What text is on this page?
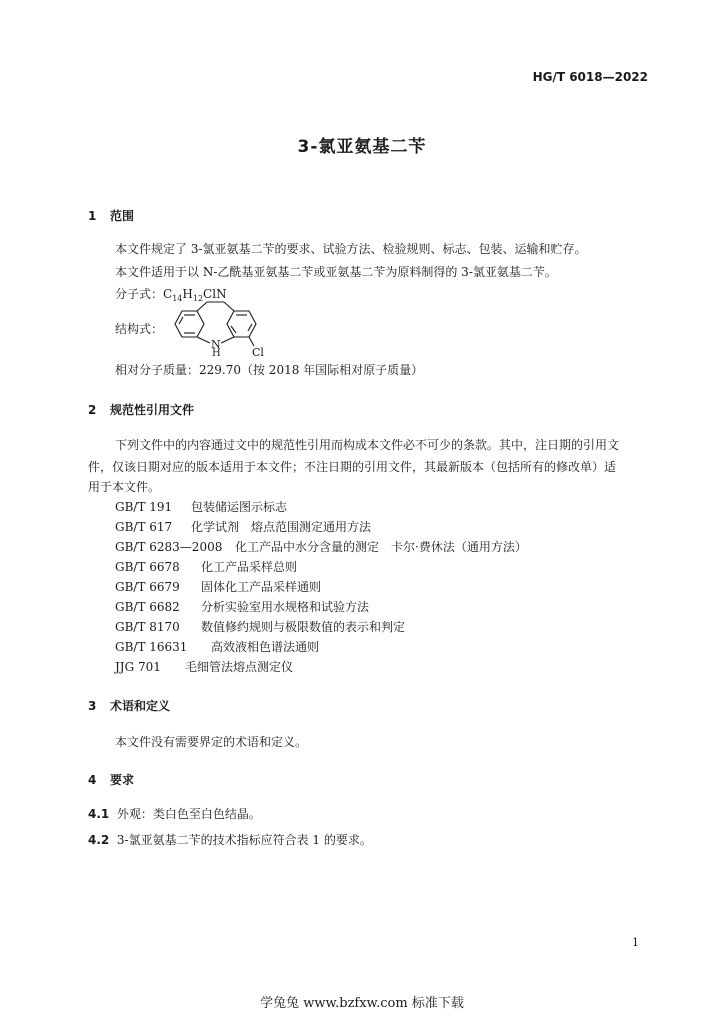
HG/T 6018—2022
3-氯亚氨基二苄
1 范围
本文件规定了 3-氯亚氨基二苄的要求、试验方法、检验规则、标志、包装、运输和贮存。
本文件适用于以 N-乙酰基亚氨基二苄或亚氨基二苄为原料制得的 3-氯亚氨基二苄。
分子式：$C_{14}H_{12}ClN$
结构式：
N
H	Cl
相对分子质量：229.70（按 2018 年国际相对原子质量）
2 规范性引用文件
下列文件中的内容通过文中的规范性引用而构成本文件必不可少的条款。其中，注日期的引用文
件，仅该日期对应的版本适用于本文件；不注日期的引用文件，其最新版本（包括所有的修改单）适
用于本文件。
GB/T 191 包装储运图示标志
GB/T 617 化学试剂　熔点范围测定通用方法
GB/T 6283—2008 化工产品中水分含量的测定　卡尔·费休法（通用方法）
GB/T 6678 化工产品采样总则
GB/T 6679 固体化工产品采样通则
GB/T 6682 分析实验室用水规格和试验方法
GB/T 8170 数值修约规则与极限数值的表示和判定
GB/T 16631 高效液相色谱法通则
JJG 701 毛细管法熔点测定仪
3 术语和定义
本文件没有需要界定的术语和定义。
4 要求
4.1 外观：类白色至白色结晶。
4.2 3-氯亚氨基二苄的技术指标应符合表 1 的要求。
1
学兔兔 www.bzfxw.com 标准下载
